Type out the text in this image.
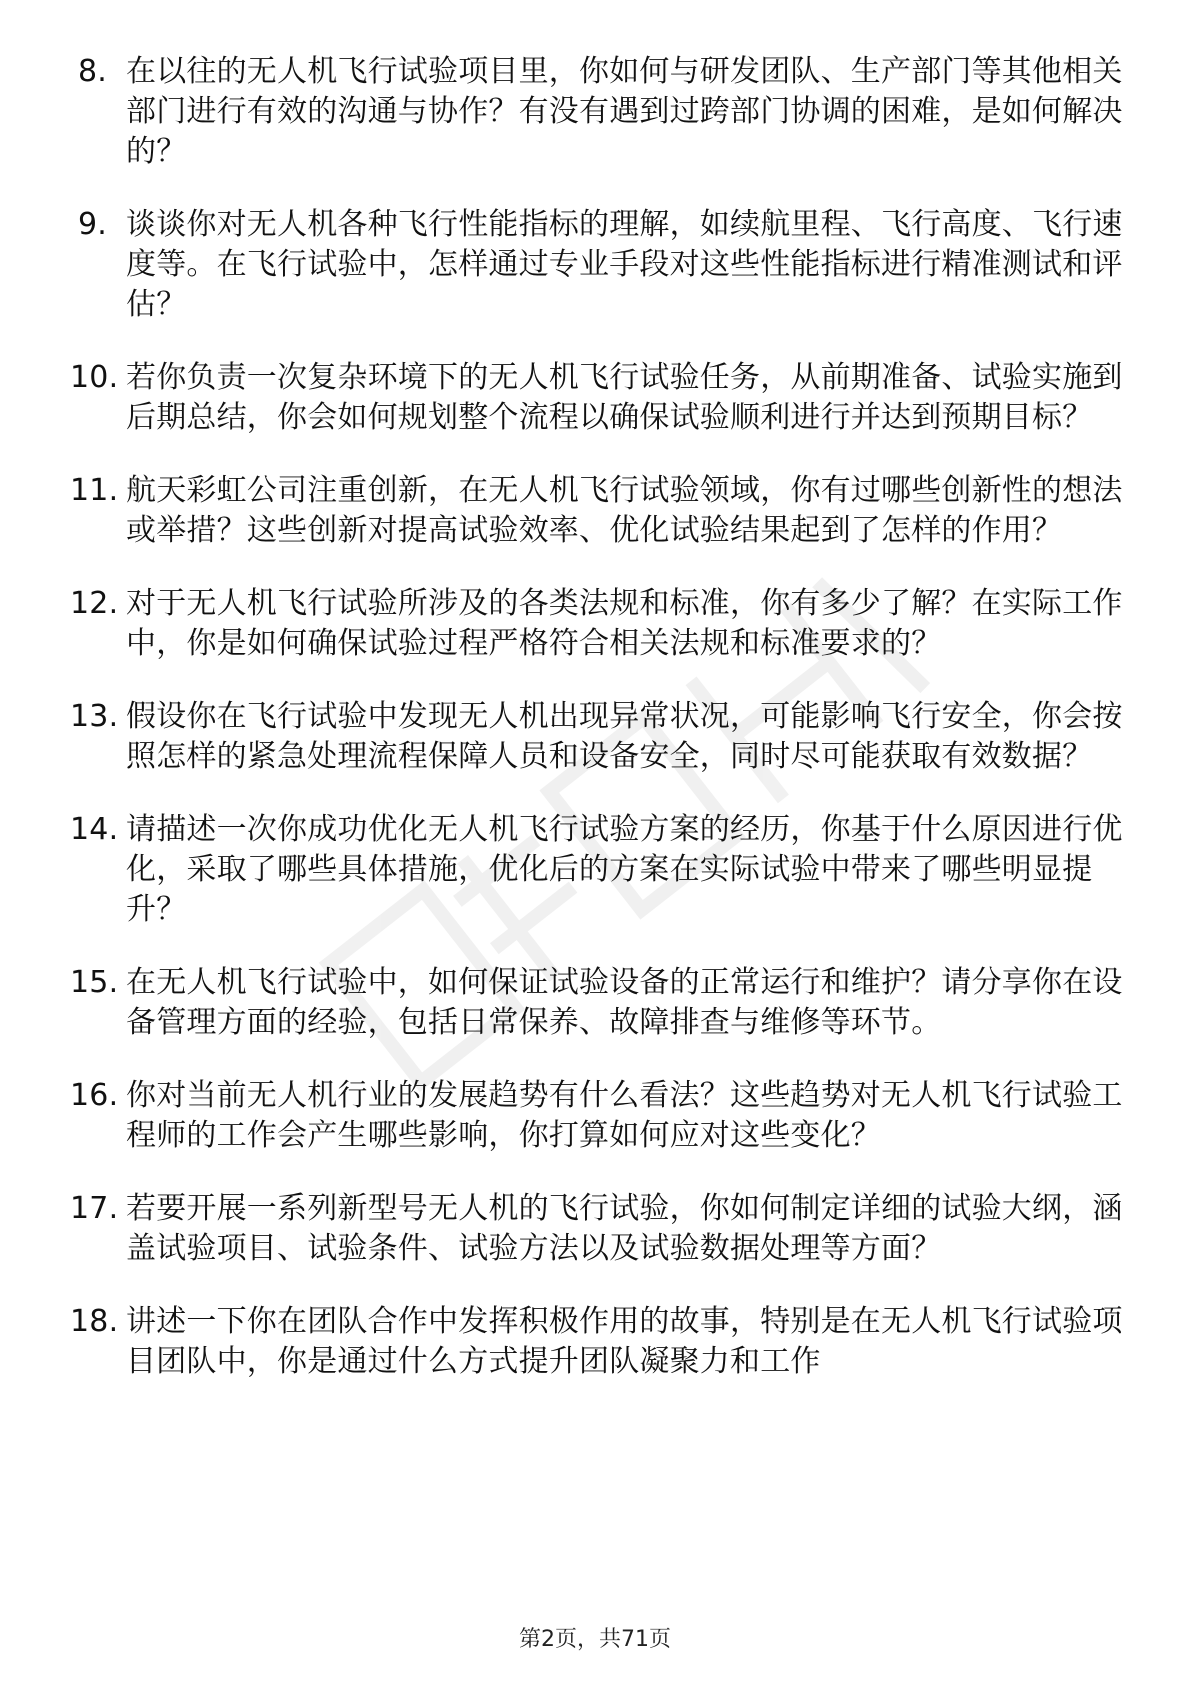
8. 在以往的无人机飞行试验项目里，你如何与研发团队、生产部门等其他相关部门进行有效的沟通与协作？有没有遇到过跨部门协调的困难，是如何解决的？
9. 谈谈你对无人机各种飞行性能指标的理解，如续航里程、飞行高度、飞行速度等。在飞行试验中，怎样通过专业手段对这些性能指标进行精准测试和评估？
10. 若你负责一次复杂环境下的无人机飞行试验任务，从前期准备、试验实施到后期总结，你会如何规划整个流程以确保试验顺利进行并达到预期目标？
11. 航天彩虹公司注重创新，在无人机飞行试验领域，你有过哪些创新性的想法或举措？这些创新对提高试验效率、优化试验结果起到了怎样的作用？
12. 对于无人机飞行试验所涉及的各类法规和标准，你有多少了解？在实际工作中，你是如何确保试验过程严格符合相关法规和标准要求的？
13. 假设你在飞行试验中发现无人机出现异常状况，可能影响飞行安全，你会按照怎样的紧急处理流程保障人员和设备安全，同时尽可能获取有效数据？
14. 请描述一次你成功优化无人机飞行试验方案的经历，你基于什么原因进行优化，采取了哪些具体措施，优化后的方案在实际试验中带来了哪些明显提升？
15. 在无人机飞行试验中，如何保证试验设备的正常运行和维护？请分享你在设备管理方面的经验，包括日常保养、故障排查与维修等环节。
16. 你对当前无人机行业的发展趋势有什么看法？这些趋势对无人机飞行试验工程师的工作会产生哪些影响，你打算如何应对这些变化？
17. 若要开展一系列新型号无人机的飞行试验，你如何制定详细的试验大纲，涵盖试验项目、试验条件、试验方法以及试验数据处理等方面？
18. 讲述一下你在团队合作中发挥积极作用的故事，特别是在无人机飞行试验项目团队中，你是通过什么方式提升团队凝聚力和工作
第2页，共71页
